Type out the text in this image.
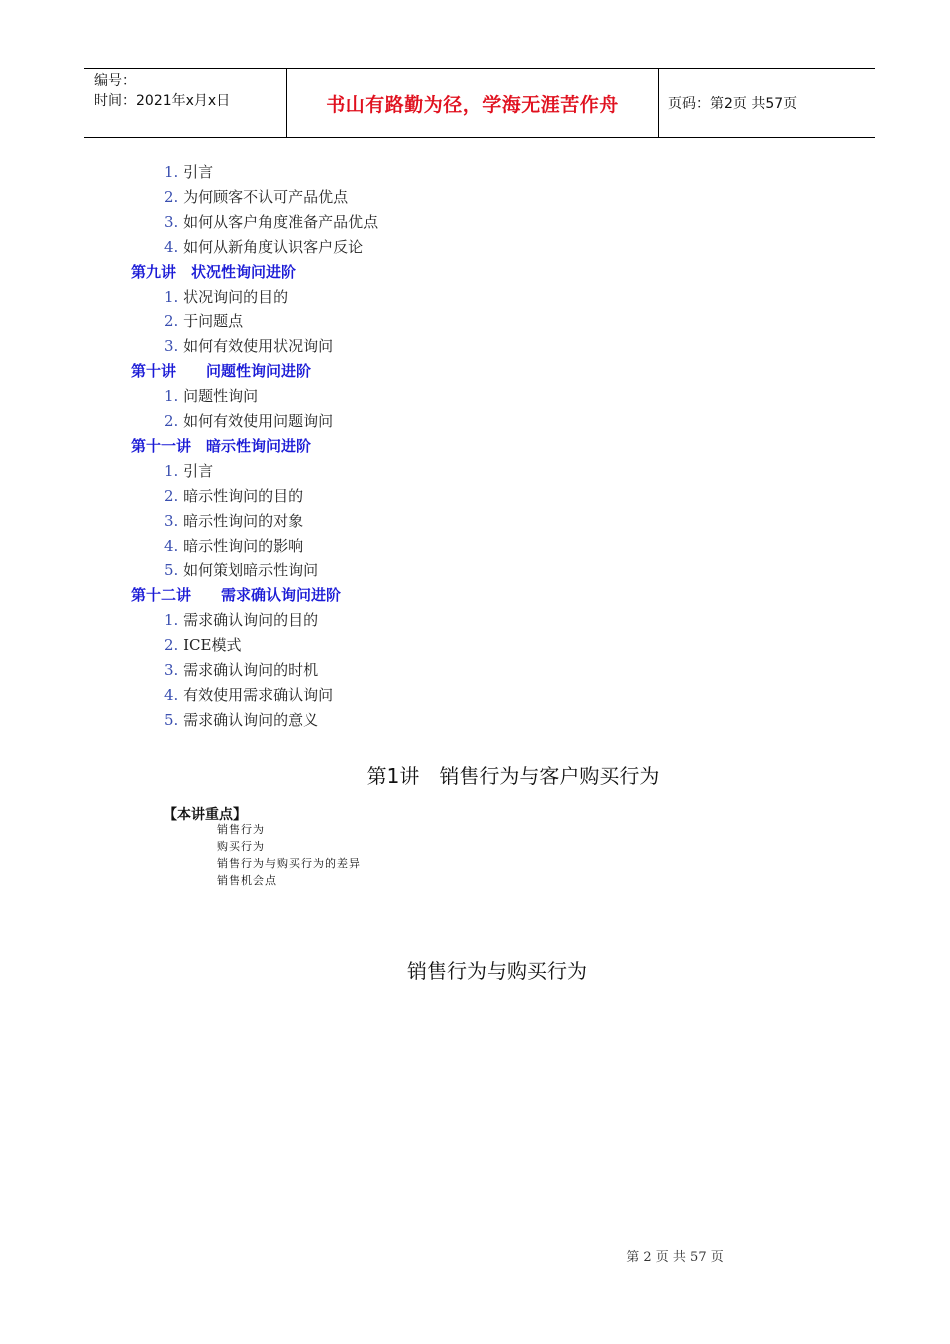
编号：
时间：2021年x月x日	书山有路勤为径，学海无涯苦作舟	页码：第2页 共57页
1. 引言
2. 为何顾客不认可产品优点
3. 如何从客户角度准备产品优点
4. 如何从新角度认识客户反论
第九讲　状况性询问进阶
1. 状况询问的目的
2. 于问题点
3. 如何有效使用状况询问
第十讲　　问题性询问进阶
1. 问题性询问
2. 如何有效使用问题询问
第十一讲　暗示性询问进阶
1. 引言
2. 暗示性询问的目的
3. 暗示性询问的对象
4. 暗示性询问的影响
5. 如何策划暗示性询问
第十二讲　　需求确认询问进阶
1. 需求确认询问的目的
2. ICE模式
3. 需求确认询问的时机
4. 有效使用需求确认询问
5. 需求确认询问的意义
第1讲　销售行为与客户购买行为
【本讲重点】
销售行为
购买行为
销售行为与购买行为的差异
销售机会点
销售行为与购买行为
第 2 页 共 57 页
